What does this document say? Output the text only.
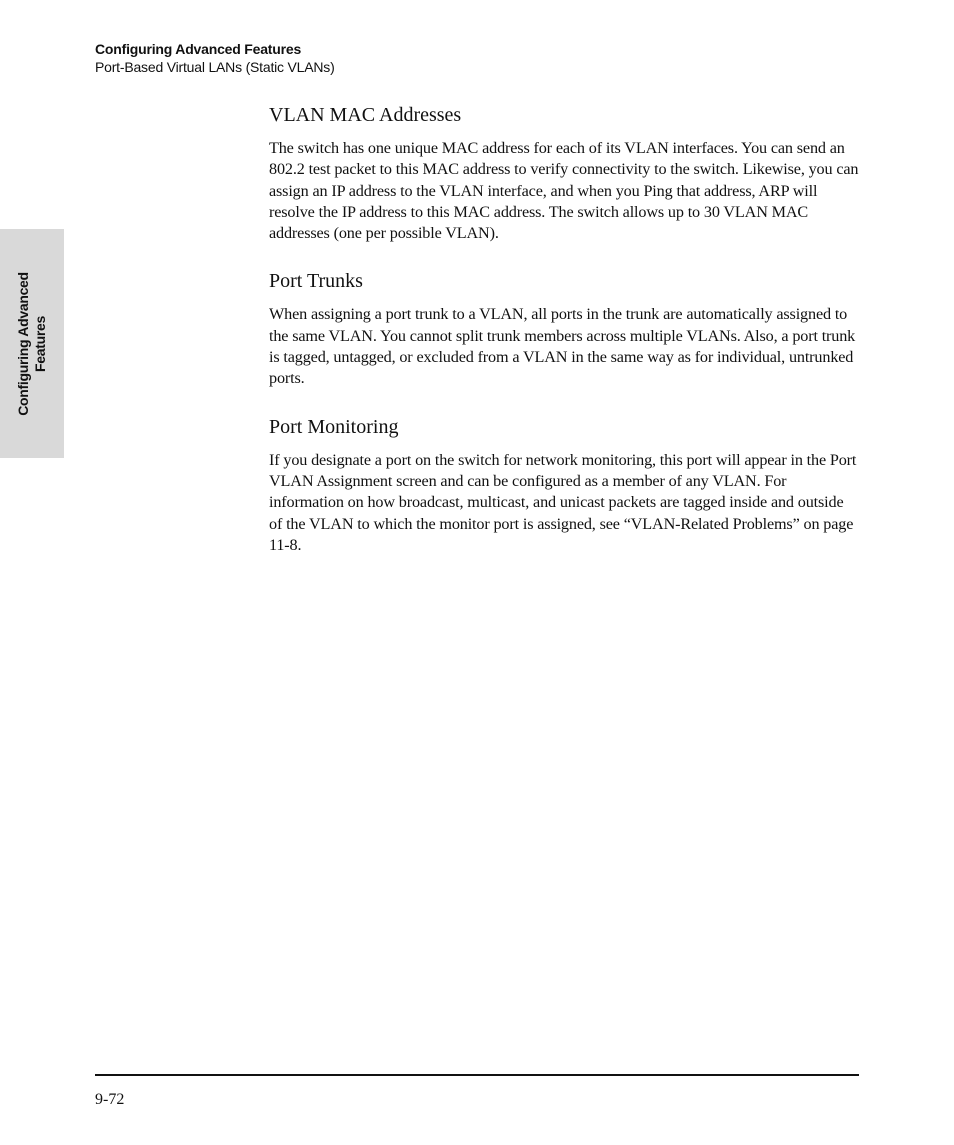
Configuring Advanced Features
Port-Based Virtual LANs (Static VLANs)
Configuring Advanced Features
VLAN MAC Addresses

The switch has one unique MAC address for each of its VLAN interfaces. You can send an 802.2 test packet to this MAC address to verify connectivity to the switch. Likewise, you can assign an IP address to the VLAN interface, and when you Ping that address, ARP will resolve the IP address to this MAC address. The switch allows up to 30 VLAN MAC addresses (one per possible VLAN).

Port Trunks

When assigning a port trunk to a VLAN, all ports in the trunk are automatically assigned to the same VLAN. You cannot split trunk members across multiple VLANs. Also, a port trunk is tagged, untagged, or excluded from a VLAN in the same way as for individual, untrunked ports.

Port Monitoring

If you designate a port on the switch for network monitoring, this port will appear in the Port VLAN Assignment screen and can be configured as a member of any VLAN. For information on how broadcast, multicast, and unicast packets are tagged inside and outside of the VLAN to which the monitor port is assigned, see “VLAN-Related Problems” on page 11-8.

9-72
